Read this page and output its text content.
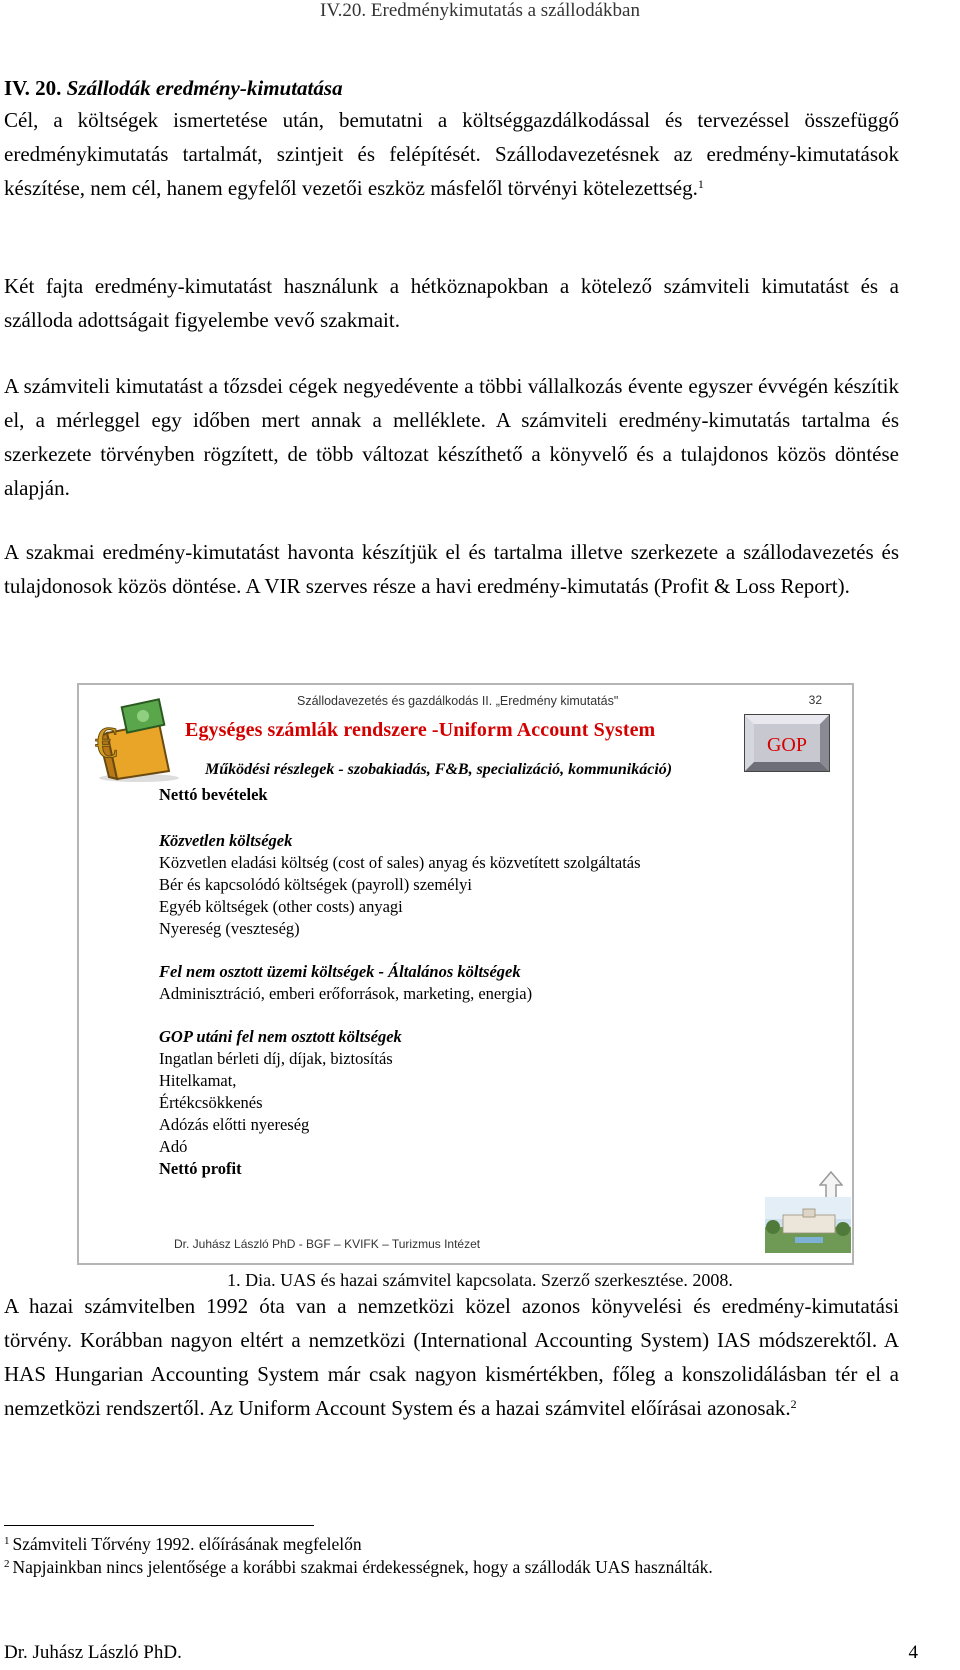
IV.20. Eredménykimutatás a szállodákban
IV. 20. Szállodák eredmény-kimutatása

Cél, a költségek ismertetése után, bemutatni a költséggazdálkodással és tervezéssel összefüggő eredménykimutatás tartalmát, szintjeit és felépítését. Szállodavezetésnek az eredmény-kimutatások készítése, nem cél, hanem egyfelől vezetői eszköz másfelől törvényi kötelezettség.$^1$

Két fajta eredmény-kimutatást használunk a hétköznapokban a kötelező számviteli kimutatást és a szálloda adottságait figyelembe vevő szakmait.

A számviteli kimutatást a tőzsdei cégek negyedévente a többi vállalkozás évente egyszer évvégén készítik el, a mérleggel egy időben mert annak a melléklete. A számviteli eredmény-kimutatás tartalma és szerkezete törvényben rögzített, de több változat készíthető a könyvelő és a tulajdonos közös döntése alapján.

A szakmai eredmény-kimutatást havonta készítjük el és tartalma illetve szerkezete a szállodavezetés és tulajdonosok közös döntése. A VIR szerves része a havi eredmény-kimutatás (Profit & Loss Report).

€
Szállodavezetés és gazdálkodás II. „Eredmény kimutatás"	32
Egységes számlák rendszere -Uniform Account System
GOP
Működési részlegek - szobakiadás, F&B, specializáció, kommunikáció)
Nettó bevételek
Közvetlen költségek
Közvetlen eladási költség (cost of sales) anyag és közvetített szolgáltatás
Bér és kapcsolódó költségek (payroll) személyi
Egyéb költségek (other costs) anyagi
Nyereség (veszteség)
Fel nem osztott üzemi költségek - Általános költségek
Adminisztráció, emberi erőforrások, marketing, energia)
GOP utáni fel nem osztott költségek
Ingatlan bérleti díj, díjak, biztosítás
Hitelkamat,
Értékcsökkenés
Adózás előtti nyereség
Adó
Nettó profit
Dr. Juhász László PhD - BGF – KVIFK – Turizmus Intézet
1. Dia. UAS és hazai számvitel kapcsolata. Szerző szerkesztése. 2008.

A hazai számvitelben 1992 óta van a nemzetközi közel azonos könyvelési és eredmény-kimutatási törvény. Korábban nagyon eltért a nemzetközi (International Accounting System) IAS módszerektől. A HAS Hungarian Accounting System már csak nagyon kismértékben, főleg a konszolidálásban tér el a nemzetközi rendszertől. Az Uniform Account System és a hazai számvitel előírásai azonosak.$^2$

$^1$ Számviteli Tőrvény 1992. előírásának megfelelőn
$^2$ Napjainkban nincs jelentősége a korábbi szakmai érdekességnek, hogy a szállodák UAS használták.
Dr. Juhász László PhD.	4
